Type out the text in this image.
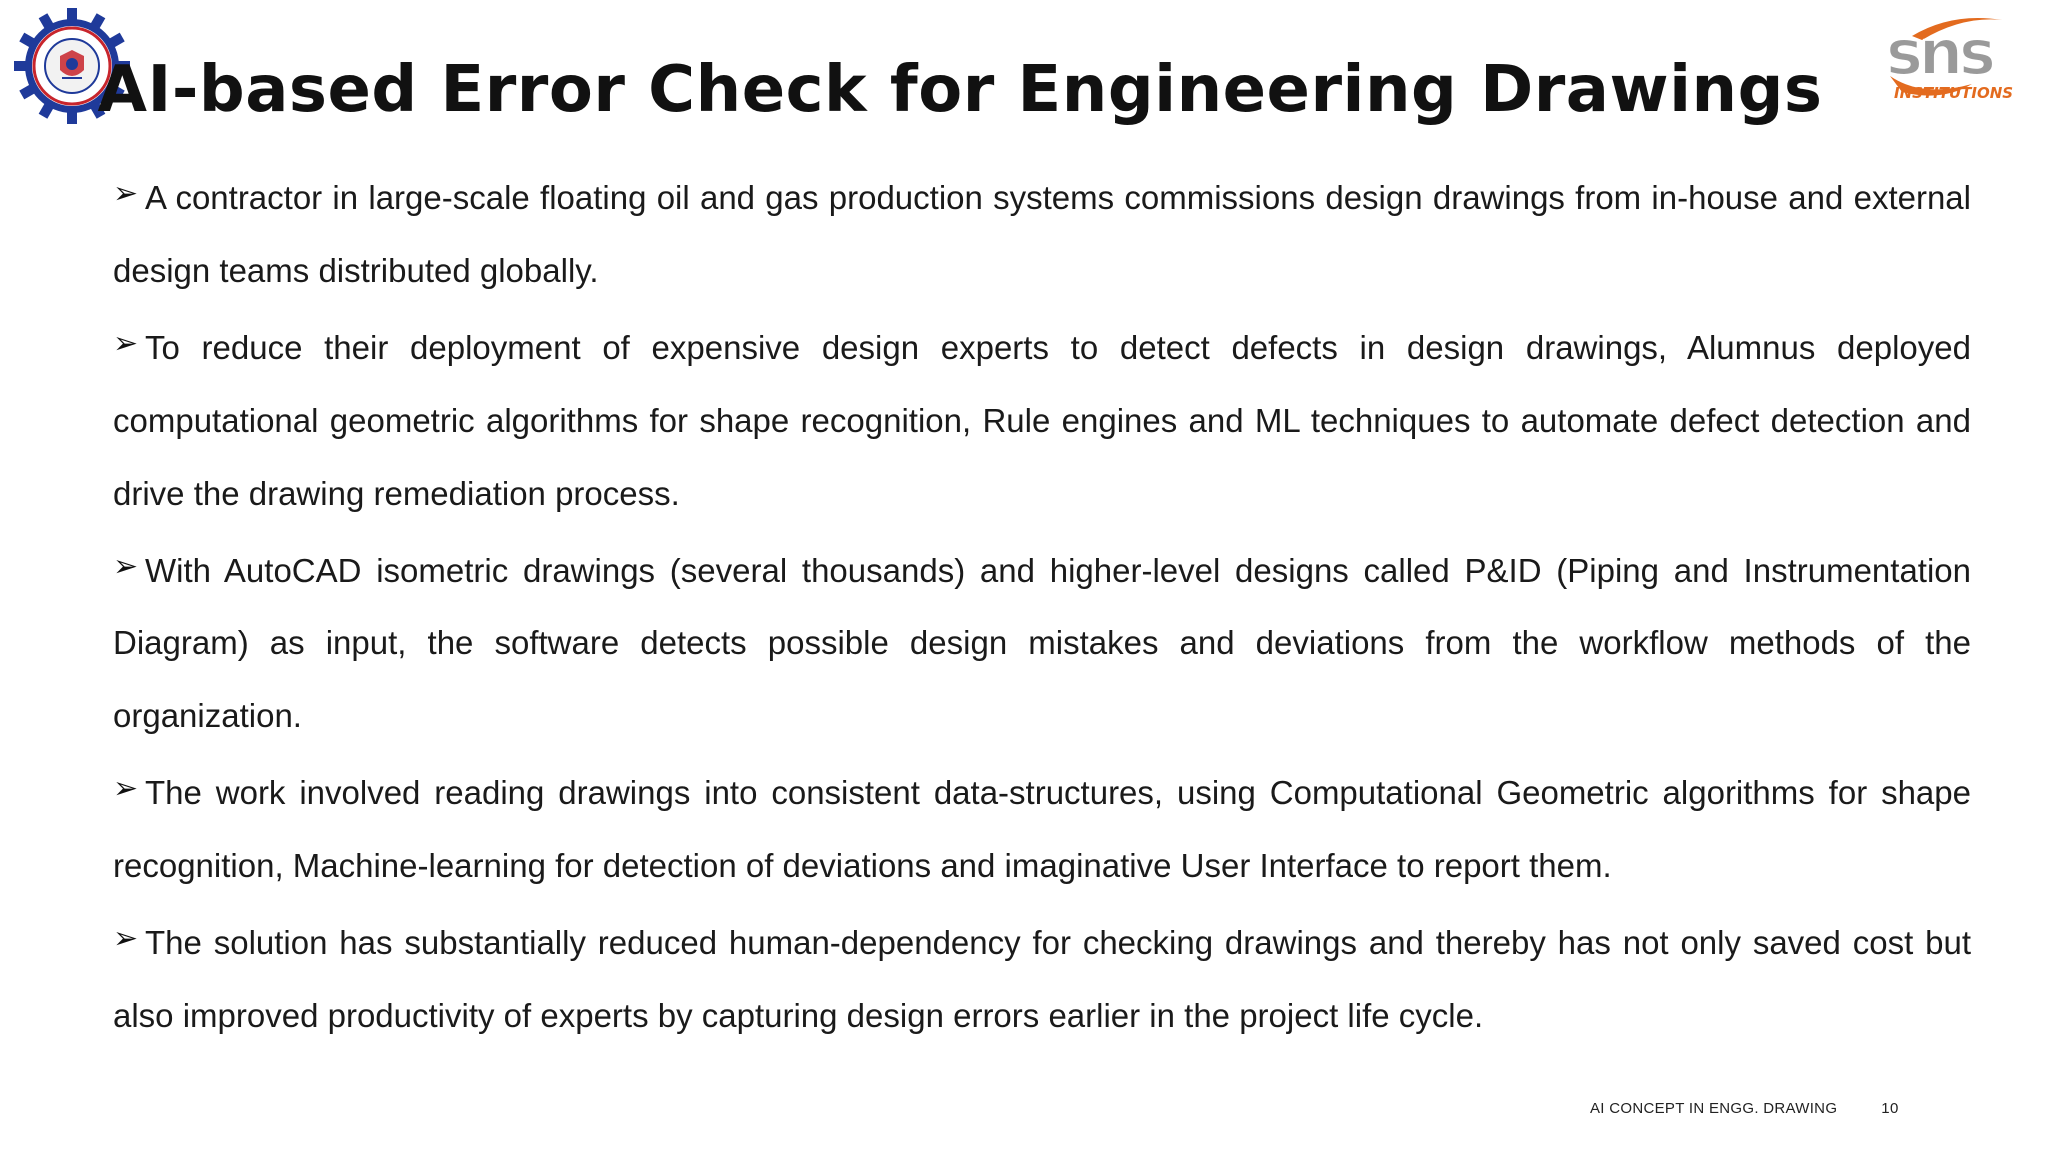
sns
INSTITUTIONS
AI-based Error Check for Engineering Drawings
➢ A contractor in large-scale floating oil and gas production systems commissions design drawings from in-house and external design teams distributed globally.
➢ To reduce their deployment of expensive design experts to detect defects in design drawings, Alumnus deployed computational geometric algorithms for shape recognition, Rule engines and ML techniques to automate defect detection and drive the drawing remediation process.
➢ With AutoCAD isometric drawings (several thousands) and higher-level designs called P&ID (Piping and Instrumentation Diagram) as input, the software detects possible design mistakes and deviations from the workflow methods of the organization.
➢ The work involved reading drawings into consistent data-structures, using Computational Geometric algorithms for shape recognition, Machine-learning for detection of deviations and imaginative User Interface to report them.
➢ The solution has substantially reduced human-dependency for checking drawings and thereby has not only saved cost but also improved productivity of experts by capturing design errors earlier in the project life cycle.
AI CONCEPT IN ENGG. DRAWING	10
